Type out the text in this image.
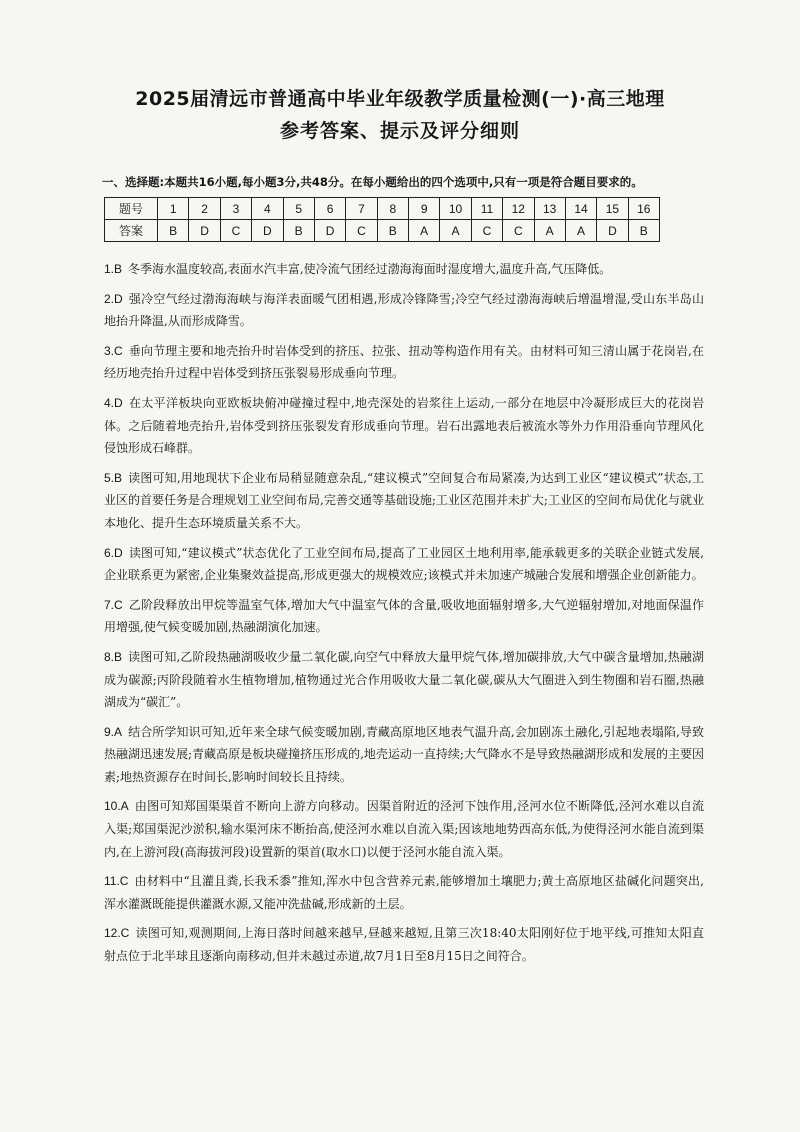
2025届清远市普通高中毕业年级教学质量检测(一)·高三地理
参考答案、提示及评分细则
一、选择题:本题共16小题,每小题3分,共48分。在每小题给出的四个选项中,只有一项是符合题目要求的。
题号	1	2	3	4	5	6	7	8	9	10	11	12	13	14	15	16
答案	B	D	C	D	B	D	C	B	A	A	C	C	A	A	D	B
1.B 冬季海水温度较高,表面水汽丰富,使冷流气团经过渤海海面时湿度增大,温度升高,气压降低。
2.D 强冷空气经过渤海海峡与海洋表面暖气团相遇,形成冷锋降雪;冷空气经过渤海海峡后增温增湿,受山东半岛山地抬升降温,从而形成降雪。
3.C 垂向节理主要和地壳抬升时岩体受到的挤压、拉张、扭动等构造作用有关。由材料可知三清山属于花岗岩,在经历地壳抬升过程中岩体受到挤压张裂易形成垂向节理。
4.D 在太平洋板块向亚欧板块俯冲碰撞过程中,地壳深处的岩浆往上运动,一部分在地层中冷凝形成巨大的花岗岩体。之后随着地壳抬升,岩体受到挤压张裂发育形成垂向节理。岩石出露地表后被流水等外力作用沿垂向节理风化侵蚀形成石峰群。
5.B 读图可知,用地现状下企业布局稍显随意杂乱,“建议模式”空间复合布局紧凑,为达到工业区“建议模式”状态,工业区的首要任务是合理规划工业空间布局,完善交通等基础设施;工业区范围并未扩大;工业区的空间布局优化与就业本地化、提升生态环境质量关系不大。
6.D 读图可知,“建议模式”状态优化了工业空间布局,提高了工业园区土地利用率,能承载更多的关联企业链式发展,企业联系更为紧密,企业集聚效益提高,形成更强大的规模效应;该模式并未加速产城融合发展和增强企业创新能力。
7.C 乙阶段释放出甲烷等温室气体,增加大气中温室气体的含量,吸收地面辐射增多,大气逆辐射增加,对地面保温作用增强,使气候变暖加剧,热融湖演化加速。
8.B 读图可知,乙阶段热融湖吸收少量二氧化碳,向空气中释放大量甲烷气体,增加碳排放,大气中碳含量增加,热融湖成为碳源;丙阶段随着水生植物增加,植物通过光合作用吸收大量二氧化碳,碳从大气圈进入到生物圈和岩石圈,热融湖成为“碳汇”。
9.A 结合所学知识可知,近年来全球气候变暖加剧,青藏高原地区地表气温升高,会加剧冻土融化,引起地表塌陷,导致热融湖迅速发展;青藏高原是板块碰撞挤压形成的,地壳运动一直持续;大气降水不是导致热融湖形成和发展的主要因素;地热资源存在时间长,影响时间较长且持续。
10.A 由图可知郑国渠渠首不断向上游方向移动。因渠首附近的泾河下蚀作用,泾河水位不断降低,泾河水难以自流入渠;郑国渠泥沙淤积,输水渠河床不断抬高,使泾河水难以自流入渠;因该地地势西高东低,为使得泾河水能自流到渠内,在上游河段(高海拔河段)设置新的渠首(取水口)以便于泾河水能自流入渠。
11.C 由材料中“且灌且粪,长我禾黍”推知,浑水中包含营养元素,能够增加土壤肥力;黄土高原地区盐碱化问题突出,浑水灌溉既能提供灌溉水源,又能冲洗盐碱,形成新的土层。
12.C 读图可知,观测期间,上海日落时间越来越早,昼越来越短,且第三次18:40太阳刚好位于地平线,可推知太阳直射点位于北半球且逐渐向南移动,但并未越过赤道,故7月1日至8月15日之间符合。
